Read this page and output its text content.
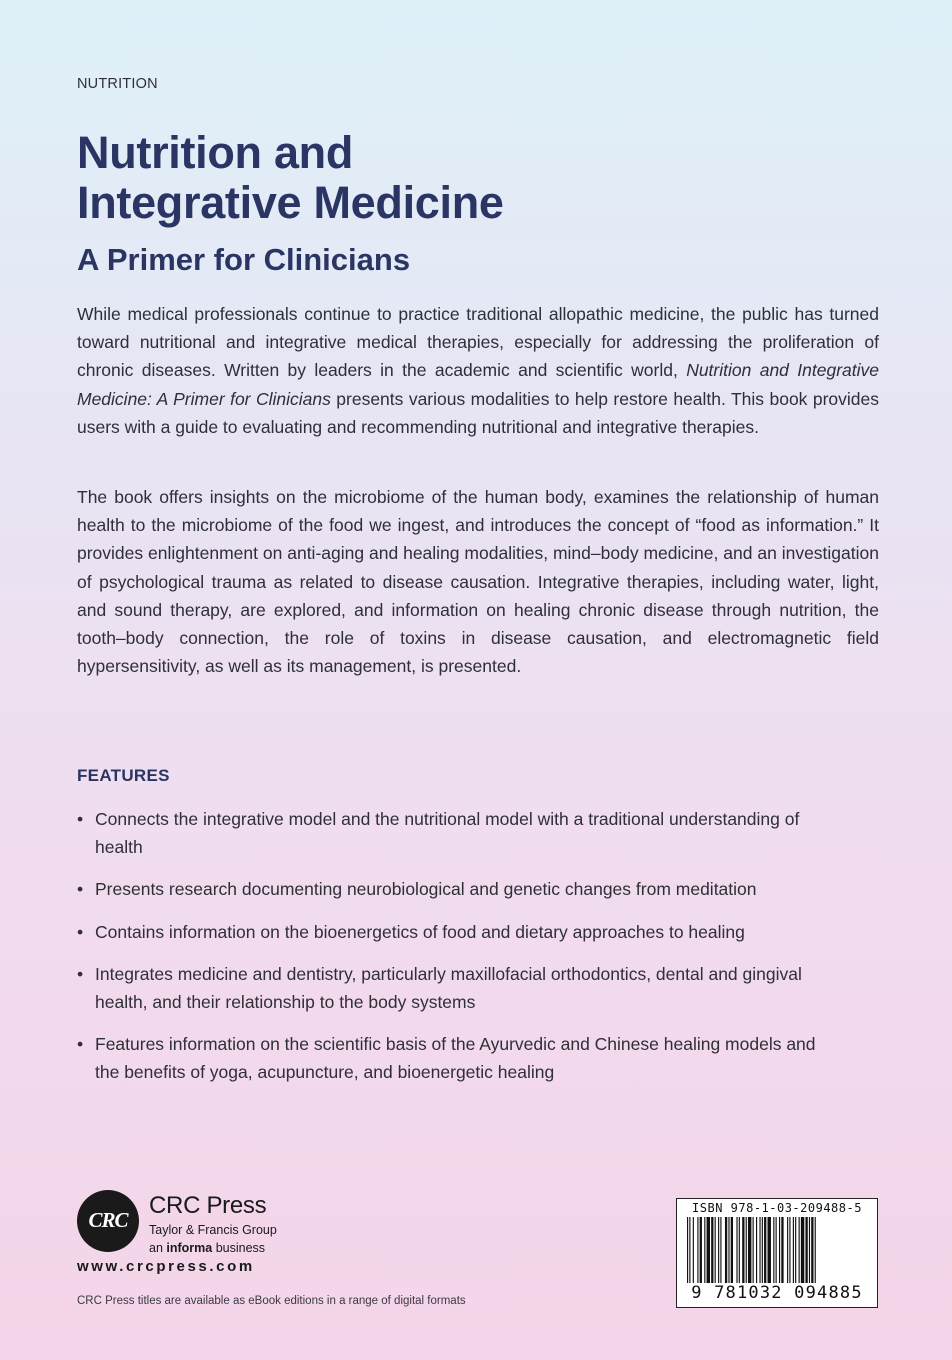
NUTRITION
Nutrition and
Integrative Medicine
A Primer for Clinicians

While medical professionals continue to practice traditional allopathic medicine, the public has turned toward nutritional and integrative medical therapies, especially for addressing the proliferation of chronic diseases. Written by leaders in the academic and scientific world, Nutrition and Integrative Medicine: A Primer for Clinicians presents various modalities to help restore health. This book provides users with a guide to evaluating and recommending nutritional and integrative therapies.

The book offers insights on the microbiome of the human body, examines the relationship of human health to the microbiome of the food we ingest, and introduces the concept of “food as information.” It provides enlightenment on anti-aging and healing modalities, mind–body medicine, and an investigation of psychological trauma as related to disease causation. Integrative therapies, including water, light, and sound therapy, are explored, and information on healing chronic disease through nutrition, the tooth–body connection, the role of toxins in disease causation, and electromagnetic field hypersensitivity, as well as its management, is presented.

FEATURES
• Connects the integrative model and the nutritional model with a traditional understanding of health
• Presents research documenting neurobiological and genetic changes from meditation
• Contains information on the bioenergetics of food and dietary approaches to healing
• Integrates medicine and dentistry, particularly maxillofacial orthodontics, dental and gingival health, and their relationship to the body systems
• Features information on the scientific basis of the Ayurvedic and Chinese healing models and the benefits of yoga, acupuncture, and bioenergetic healing
CRC
CRC Press
Taylor & Francis Group
an informa business
www.crcpress.com
CRC Press titles are available as eBook editions in a range of digital formats
ISBN 978-1-03-209488-5
9 781032 094885
